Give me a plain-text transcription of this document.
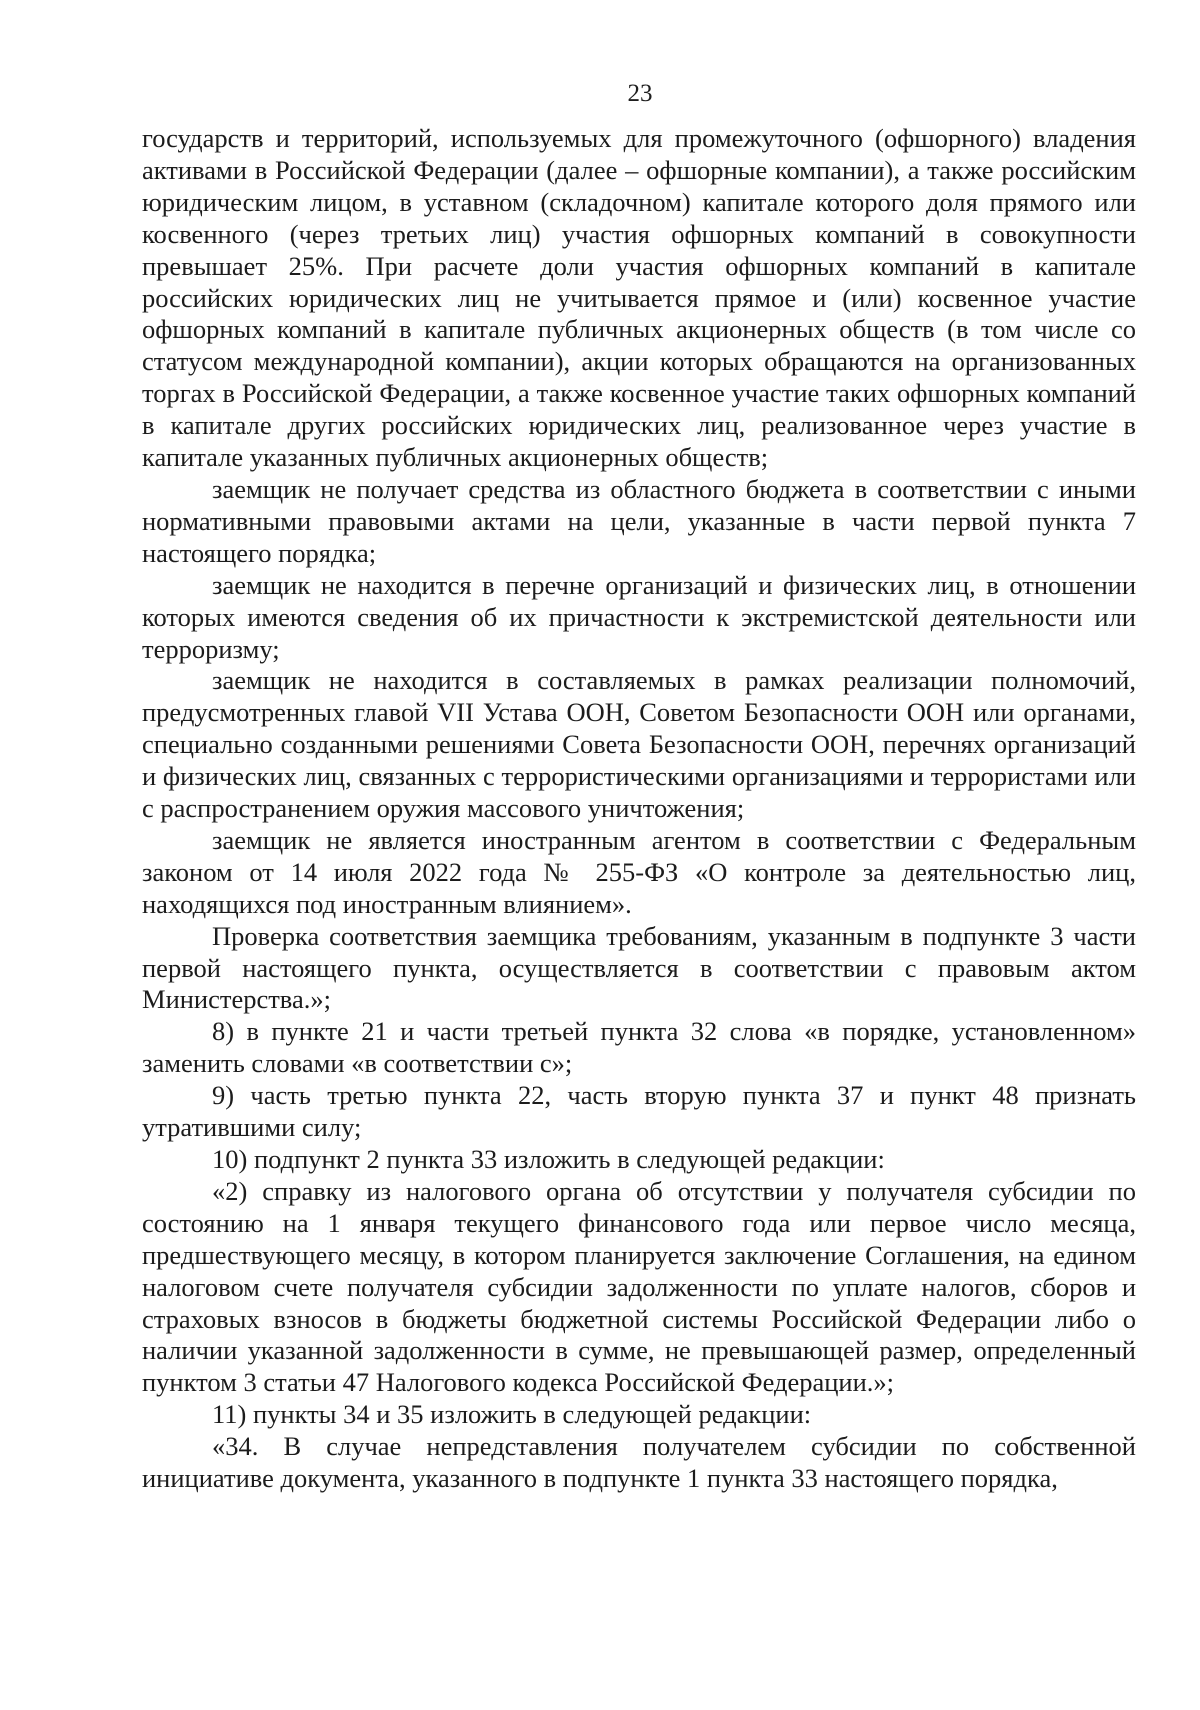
23

государств и территорий, используемых для промежуточного (офшорного) владения активами в Российской Федерации (далее – офшорные компании), а также российским юридическим лицом, в уставном (складочном) капитале которого доля прямого или косвенного (через третьих лиц) участия офшорных компаний в совокупности превышает 25%. При расчете доли участия офшорных компаний в капитале российских юридических лиц не учитывается прямое и (или) косвенное участие офшорных компаний в капитале публичных акционерных обществ (в том числе со статусом международной компании), акции которых обращаются на организованных торгах в Российской Федерации, а также косвенное участие таких офшорных компаний в капитале других российских юридических лиц, реализованное через участие в капитале указанных публичных акционерных обществ;

заемщик не получает средства из областного бюджета в соответствии с иными нормативными правовыми актами на цели, указанные в части первой пункта 7 настоящего порядка;

заемщик не находится в перечне организаций и физических лиц, в отношении которых имеются сведения об их причастности к экстремистской деятельности или терроризму;

заемщик не находится в составляемых в рамках реализации полномочий, предусмотренных главой VII Устава ООН, Советом Безопасности ООН или органами, специально созданными решениями Совета Безопасности ООН, перечнях организаций и физических лиц, связанных с террористическими организациями и террористами или с распространением оружия массового уничтожения;

заемщик не является иностранным агентом в соответствии с Федеральным законом от 14 июля 2022 года № 255-ФЗ «О контроле за деятельностью лиц, находящихся под иностранным влиянием».

Проверка соответствия заемщика требованиям, указанным в подпункте 3 части первой настоящего пункта, осуществляется в соответствии с правовым актом Министерства.»;

8) в пункте 21 и части третьей пункта 32 слова «в порядке, установленном» заменить словами «в соответствии с»;

9) часть третью пункта 22, часть вторую пункта 37 и пункт 48 признать утратившими силу;

10) подпункт 2 пункта 33 изложить в следующей редакции:

«2) справку из налогового органа об отсутствии у получателя субсидии по состоянию на 1 января текущего финансового года или первое число месяца, предшествующего месяцу, в котором планируется заключение Соглашения, на едином налоговом счете получателя субсидии задолженности по уплате налогов, сборов и страховых взносов в бюджеты бюджетной системы Российской Федерации либо о наличии указанной задолженности в сумме, не превышающей размер, определенный пунктом 3 статьи 47 Налогового кодекса Российской Федерации.»;

11) пункты 34 и 35 изложить в следующей редакции:

«34. В случае непредставления получателем субсидии по собственной инициативе документа, указанного в подпункте 1 пункта 33 настоящего порядка,
